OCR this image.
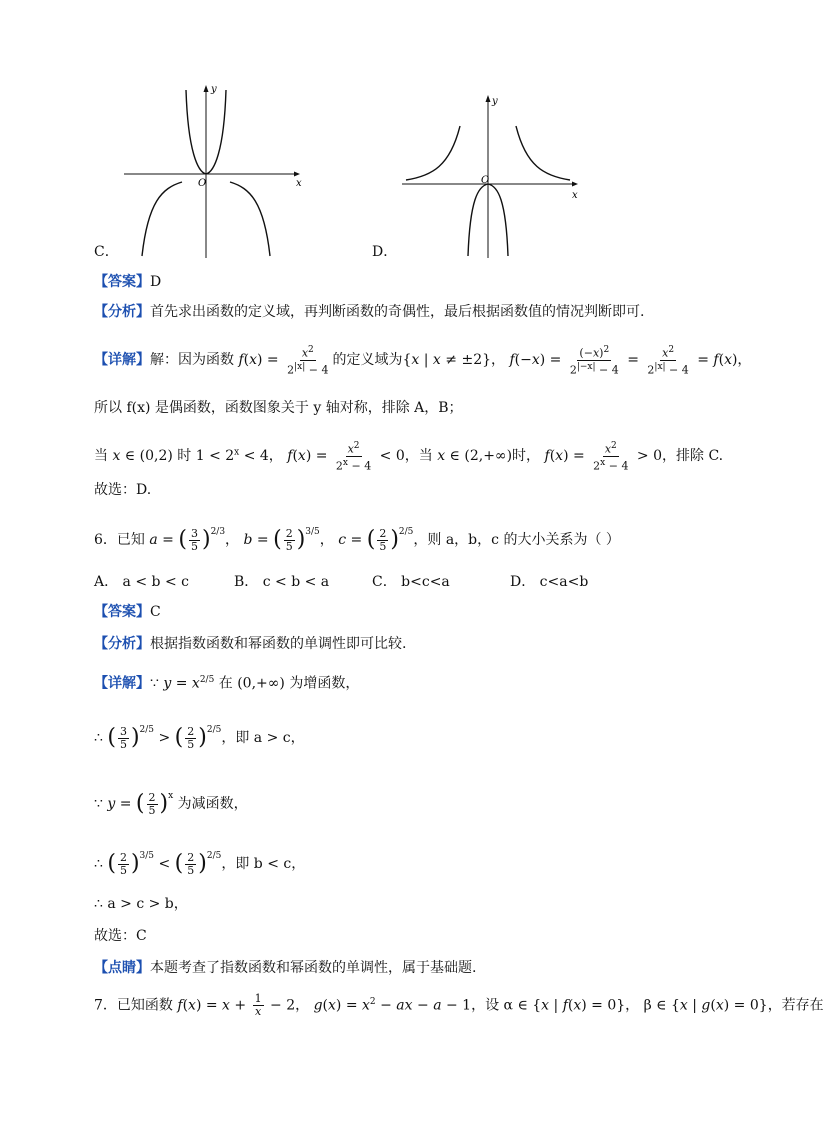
x
y
O
x
y
O
C．	D．
【答案】D
【分析】首先求出函数的定义域，再判断函数的奇偶性，最后根据函数值的情况判断即可.
【详解】解：因为函数 $f(x) = \frac{x^2}{2^{|x|} - 4}$ 的定义域为{x | x ≠ ±2}， $f(-x) = \frac{(-x)^2}{2^{|-x|} - 4} = \frac{x^2}{2^{|x|} - 4} = f(x)$，
所以 f(x) 是偶函数，函数图象关于 y 轴对称，排除 A，B；
当 x ∈ (0,2) 时 $1 < 2^x < 4$， $f(x) = \frac{x^2}{2^x - 4} < 0$，当 x ∈ (2,+∞)时， $f(x) = \frac{x^2}{2^x - 4} > 0$，排除 C.
故选：D.
6．已知 a = ( $\frac{3}{5} )^{2/3}$， b = ( $\frac{2}{5} )^{3/5}$， c = ( $\frac{2}{5} )^{2/5}$，则 a，b，c 的大小关系为（ ）
A． a < b < c	B． c < b < a	C． b<c<a	D． c<a<b
【答案】C
【分析】根据指数函数和幂函数的单调性即可比较.
【详解】∵ $y = x^{2/5}$ 在 (0,+∞) 为增函数，
∴ ( $\frac{3}{5} )^{2/5}$ > ( $\frac{2}{5} )^{2/5}$，即 a > c，
∵ y = ( $\frac{2}{5} )^x$ 为减函数，
∴ ( $\frac{2}{5} )^{3/5}$ < ( $\frac{2}{5} )^{2/5}$，即 b < c，
∴ a > c > b，
故选：C
【点睛】本题考查了指数函数和幂函数的单调性，属于基础题.
7．已知函数 $f(x) = x + \frac{1}{x} - 2$， $g(x) = x^2$ − ax − a − 1，设 α ∈ {x | f(x) = 0}， β ∈ {x | g(x) = 0}，若存在
